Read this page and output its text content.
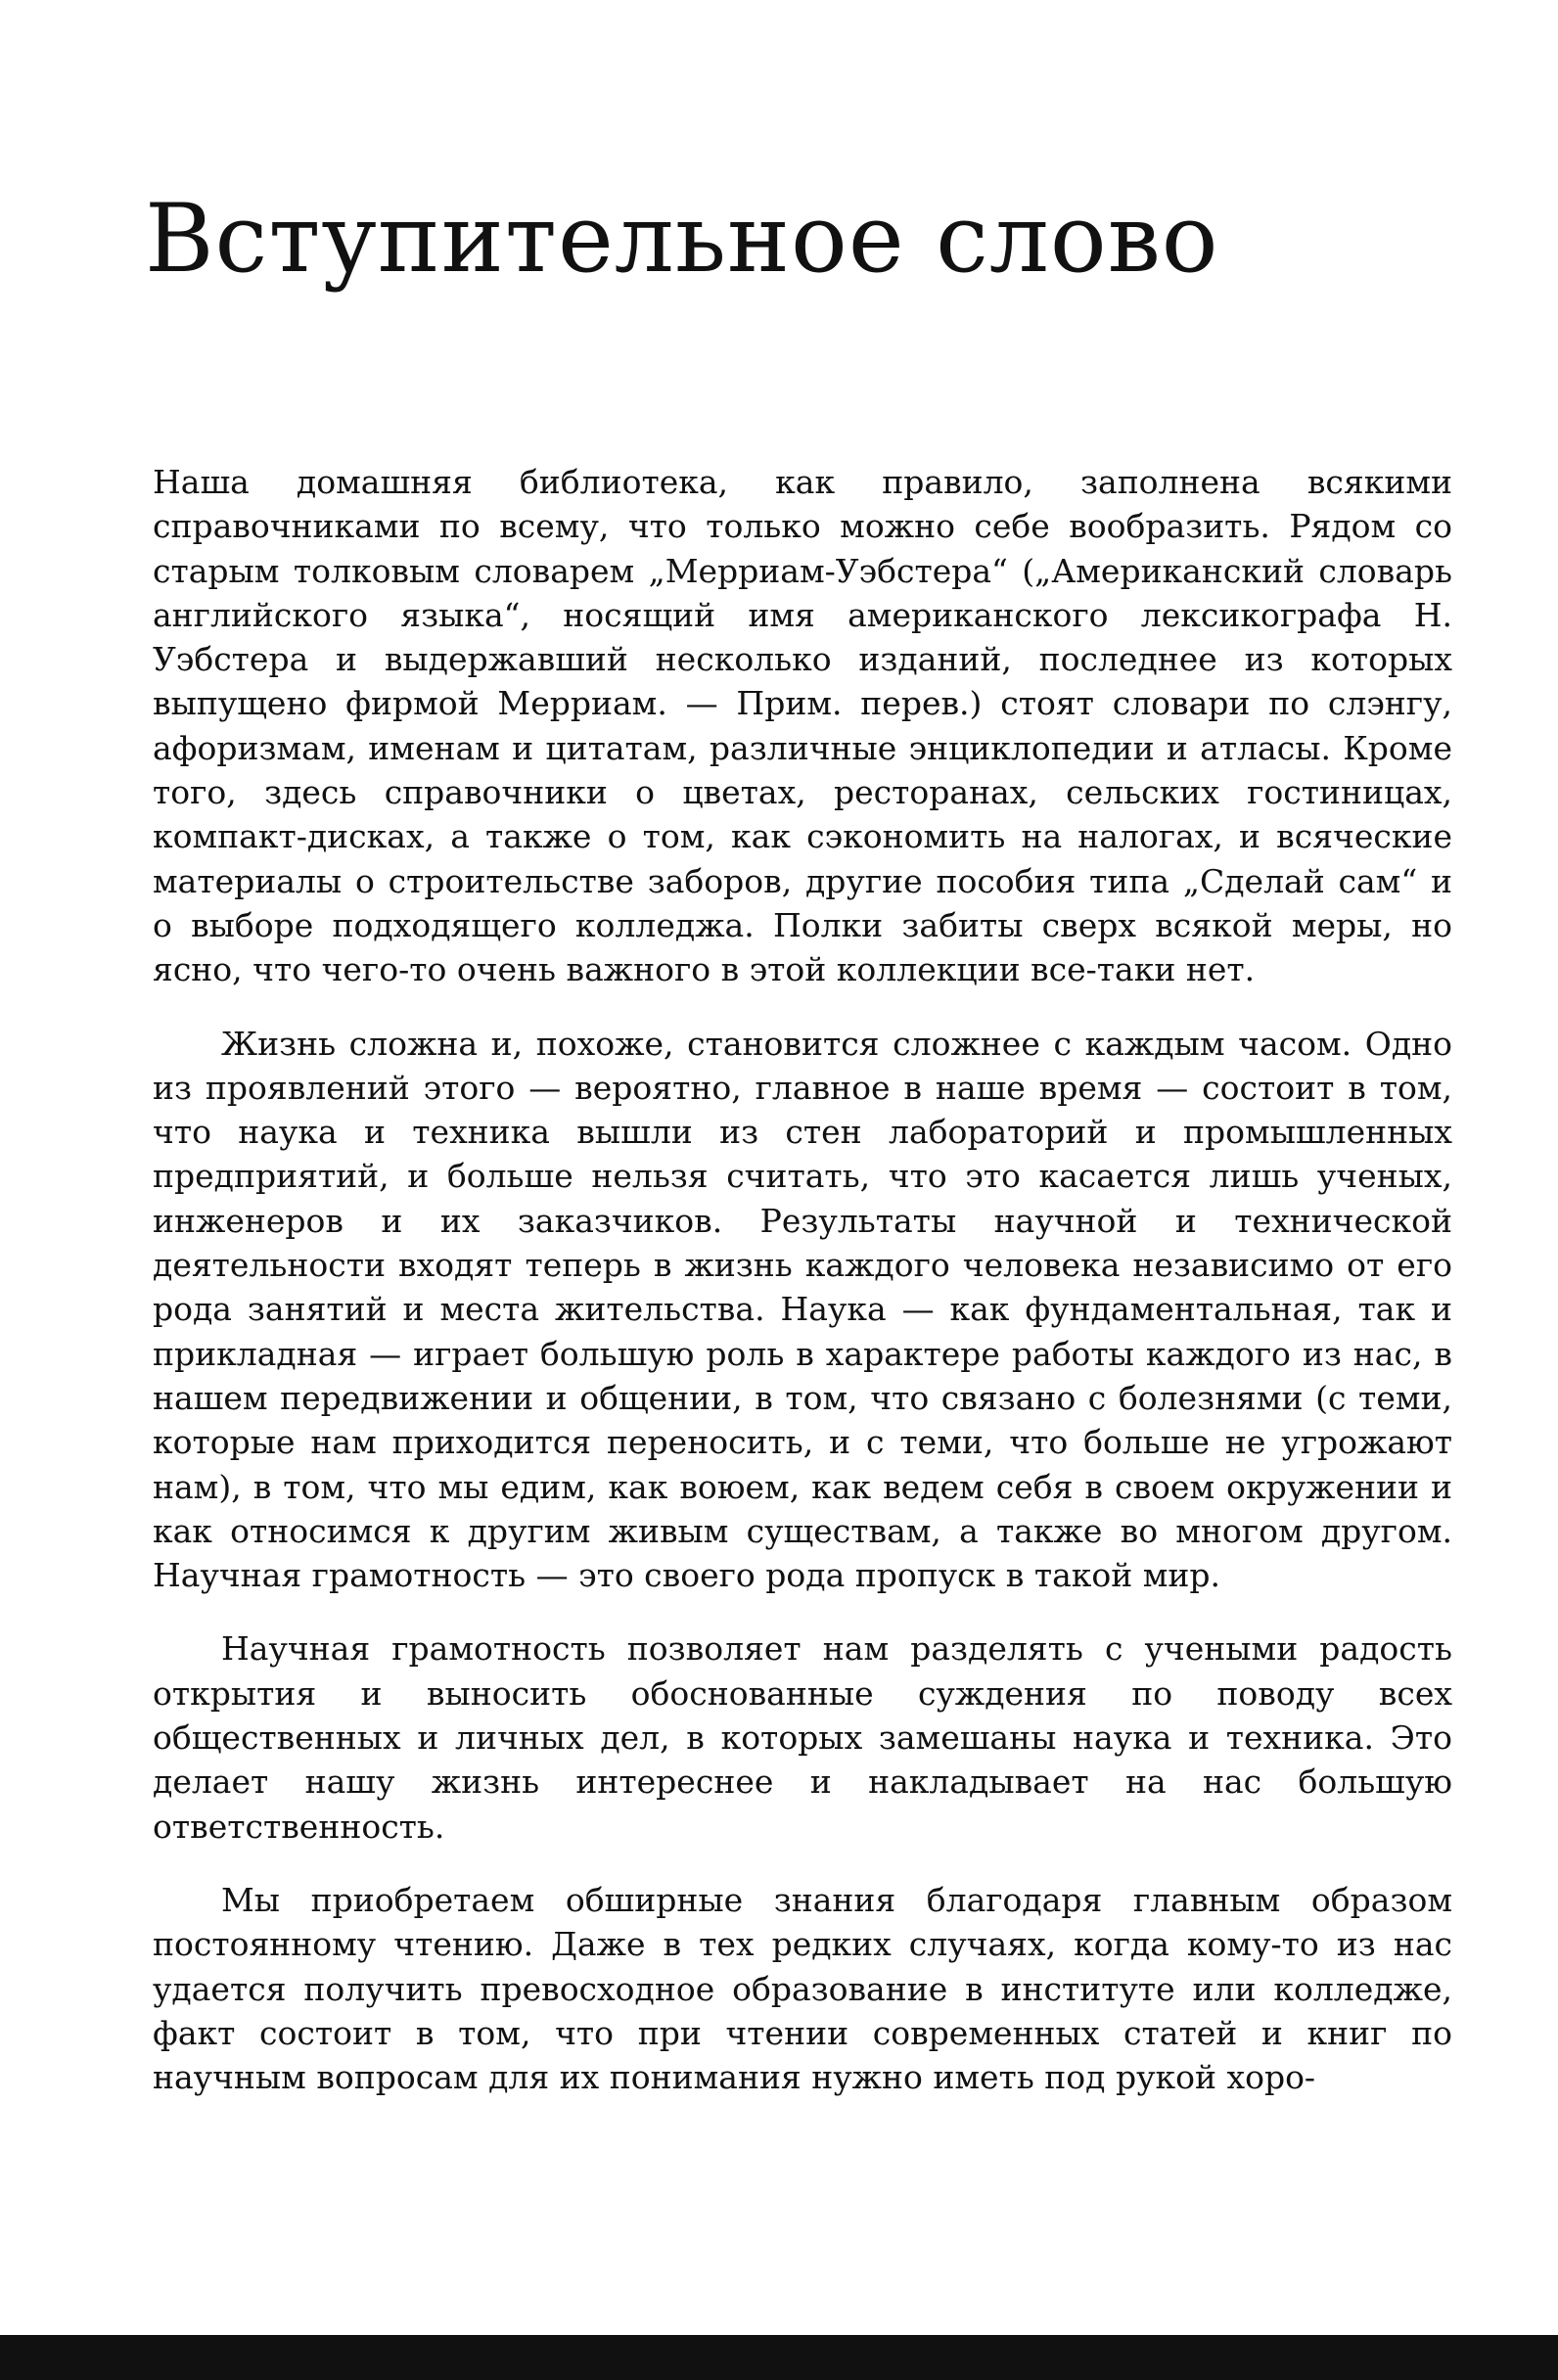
Вступительное слово

Наша домашняя библиотека, как правило, заполнена всякими справочниками по всему, что только можно себе вообразить. Рядом со старым толковым словарем „Мерриам-Уэбстера“ („Американский словарь английского языка“, носящий имя американского лексикографа Н. Уэбстера и выдержавший несколько изданий, последнее из которых выпущено фирмой Мерриам. — Прим. перев.) стоят словари по слэнгу, афоризмам, именам и цитатам, различные энциклопедии и атласы. Кроме того, здесь справочники о цветах, ресторанах, сельских гостиницах, компакт-дисках, а также о том, как сэкономить на налогах, и всяческие материалы о строительстве заборов, другие пособия типа „Сделай сам“ и о выборе подходящего колледжа. Полки забиты сверх всякой меры, но ясно, что чего-то очень важного в этой коллекции все-таки нет.

Жизнь сложна и, похоже, становится сложнее с каждым часом. Одно из проявлений этого — вероятно, главное в наше время — состоит в том, что наука и техника вышли из стен лабораторий и промышленных предприятий, и больше нельзя считать, что это касается лишь ученых, инженеров и их заказчиков. Результаты научной и технической деятельности входят теперь в жизнь каждого человека независимо от его рода занятий и места жительства. Наука — как фундаментальная, так и прикладная — играет большую роль в характере работы каждого из нас, в нашем передвижении и общении, в том, что связано с болезнями (с теми, которые нам приходится переносить, и с теми, что больше не угрожают нам), в том, что мы едим, как воюем, как ведем себя в своем окружении и как относимся к другим живым существам, а также во многом другом. Научная грамотность — это своего рода пропуск в такой мир.

Научная грамотность позволяет нам разделять с учеными радость открытия и выносить обоснованные суждения по поводу всех общественных и личных дел, в которых замешаны наука и техника. Это делает нашу жизнь интереснее и накладывает на нас большую ответственность.

Мы приобретаем обширные знания благодаря главным образом постоянному чтению. Даже в тех редких случаях, когда кому-то из нас удается получить превосходное образование в институте или колледже, факт состоит в том, что при чтении современных статей и книг по научным вопросам для их понимания нужно иметь под рукой хоро-
